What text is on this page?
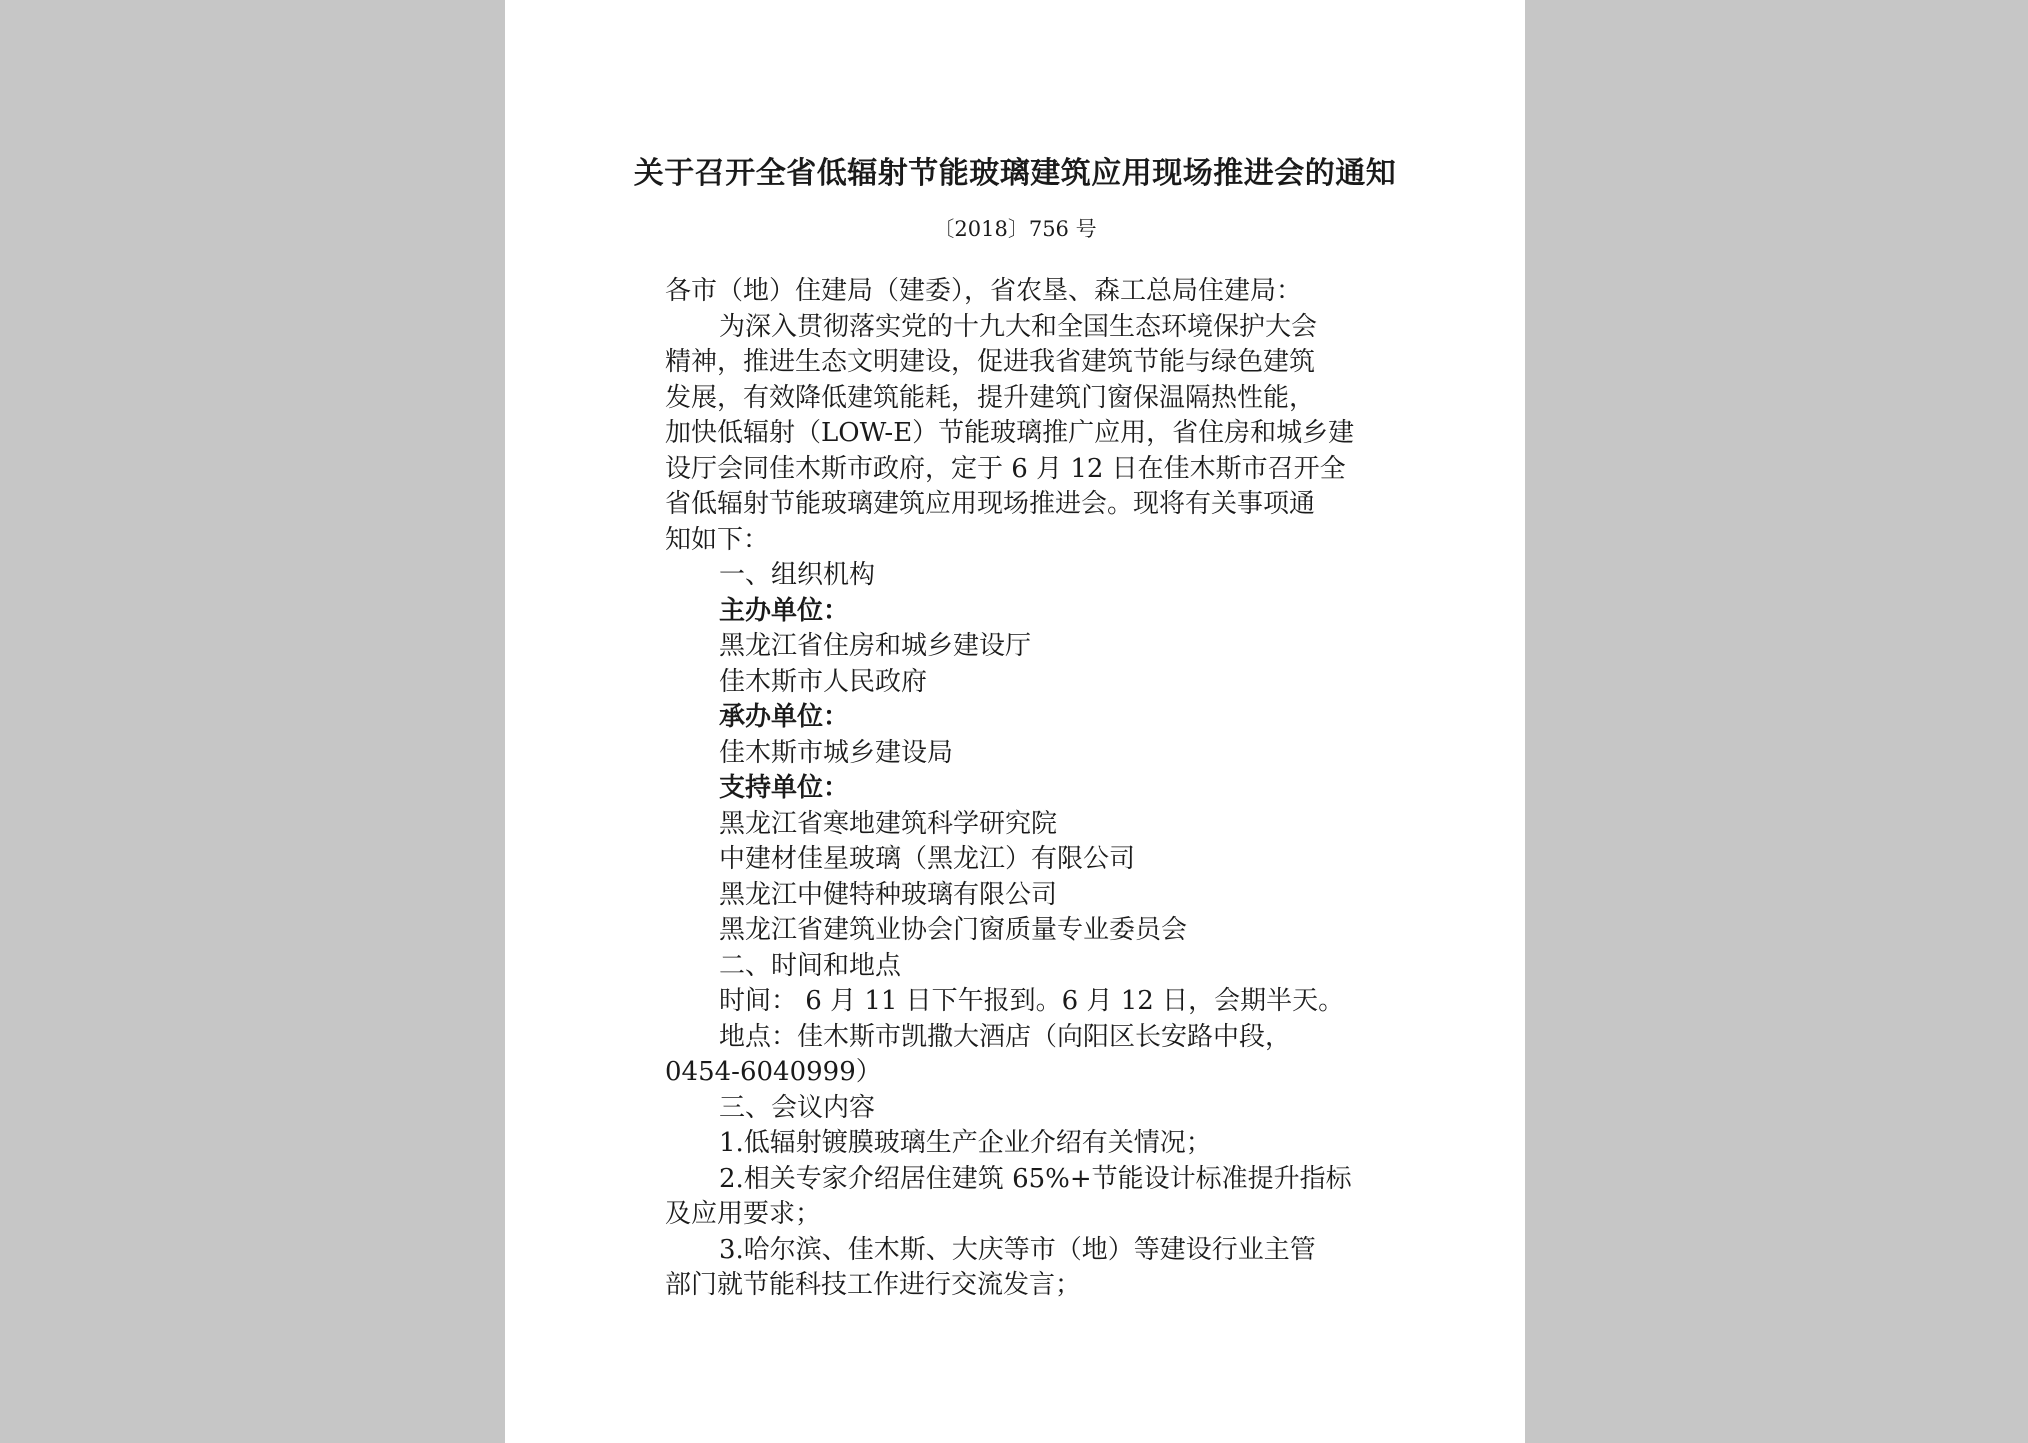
关于召开全省低辐射节能玻璃建筑应用现场推进会的通知
〔2018〕756 号
各市（地）住建局（建委），省农垦、森工总局住建局：
为深入贯彻落实党的十九大和全国生态环境保护大会
精神，推进生态文明建设，促进我省建筑节能与绿色建筑
发展，有效降低建筑能耗，提升建筑门窗保温隔热性能，
加快低辐射（LOW-E）节能玻璃推广应用，省住房和城乡建
设厅会同佳木斯市政府，定于 6 月 12 日在佳木斯市召开全
省低辐射节能玻璃建筑应用现场推进会。现将有关事项通
知如下：
一、组织机构
主办单位：
黑龙江省住房和城乡建设厅
佳木斯市人民政府
承办单位：
佳木斯市城乡建设局
支持单位：
黑龙江省寒地建筑科学研究院
中建材佳星玻璃（黑龙江）有限公司
黑龙江中健特种玻璃有限公司
黑龙江省建筑业协会门窗质量专业委员会
二、时间和地点
时间： 6 月 11 日下午报到。6 月 12 日，会期半天。
地点：佳木斯市凯撒大酒店（向阳区长安路中段，
0454-6040999）
三、会议内容
1.低辐射镀膜玻璃生产企业介绍有关情况；
2.相关专家介绍居住建筑 65%+节能设计标准提升指标
及应用要求；
3.哈尔滨、佳木斯、大庆等市（地）等建设行业主管
部门就节能科技工作进行交流发言；
